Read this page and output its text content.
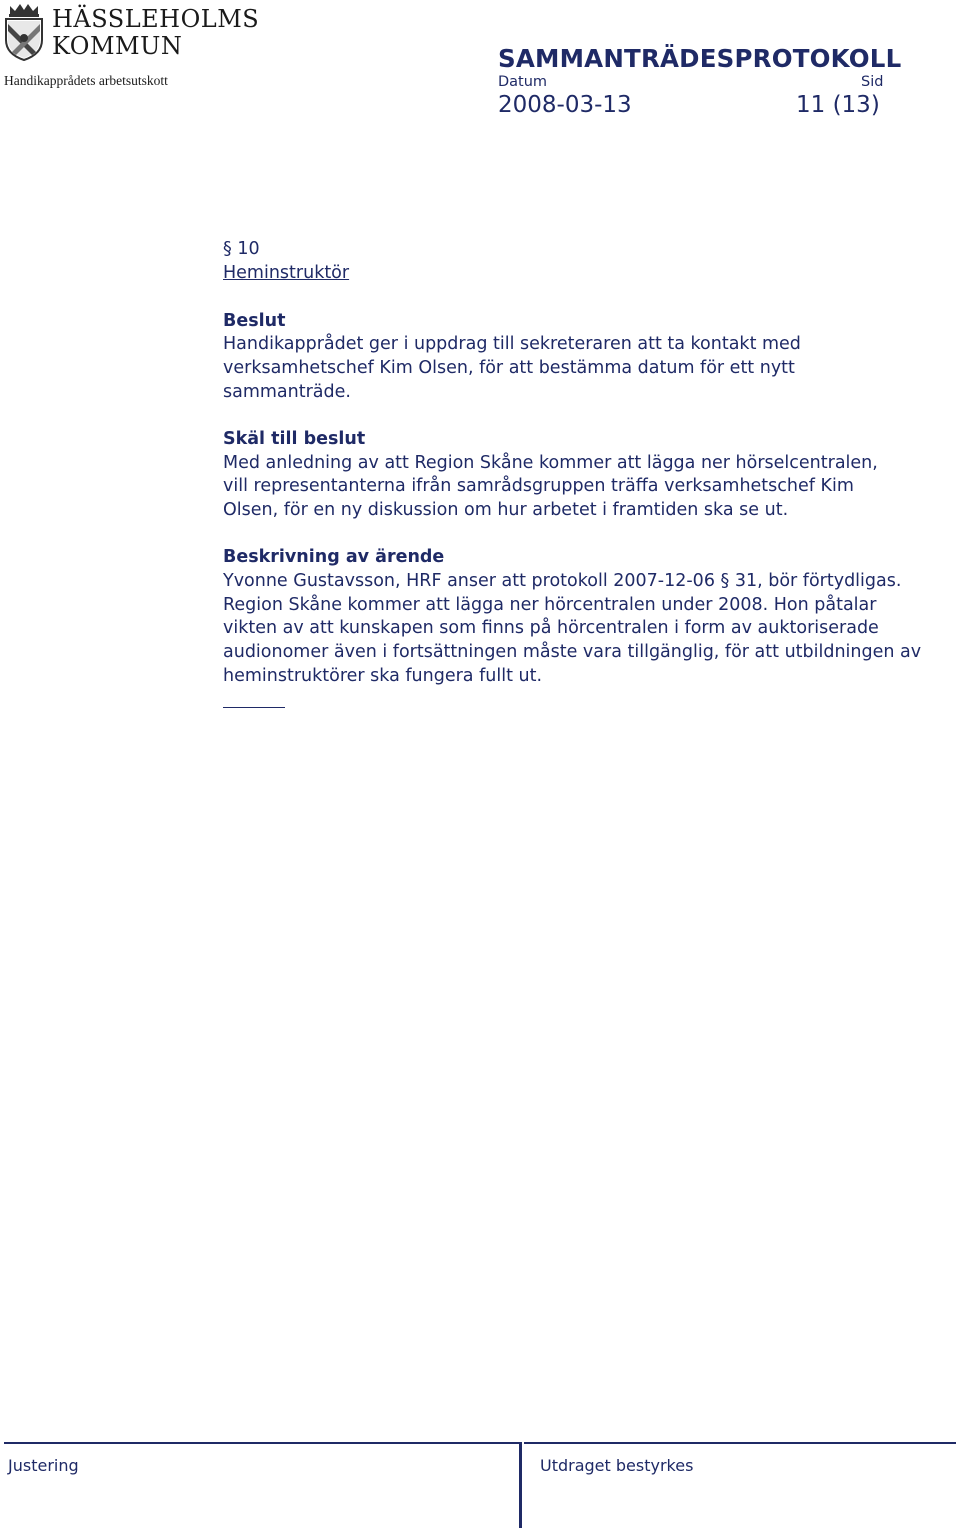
HÄSSLEHOLMS
KOMMUN
Handikapprådets arbetsutskott
SAMMANTRÄDESPROTOKOLL
Datum	Sid
2008-03-13	11 (13)

§ 10

Heminstruktör

Beslut

Handikapprådet ger i uppdrag till sekreteraren att ta kontakt med verksamhetschef Kim Olsen, för att bestämma datum för ett nytt sammanträde.

Skäl till beslut

Med anledning av att Region Skåne kommer att lägga ner hörselcentralen, vill representanterna ifrån samrådsgruppen träffa verksamhetschef Kim Olsen, för en ny diskussion om hur arbetet i framtiden ska se ut.

Beskrivning av ärende

Yvonne Gustavsson, HRF anser att protokoll 2007-12-06 § 31, bör förtydligas. Region Skåne kommer att lägga ner hörcentralen under 2008. Hon påtalar vikten av att kunskapen som finns på hörcentralen i form av auktoriserade audionomer även i fortsättningen måste vara tillgänglig, för att utbildningen av heminstruktörer ska fungera fullt ut.

Justering	Utdraget bestyrkes
